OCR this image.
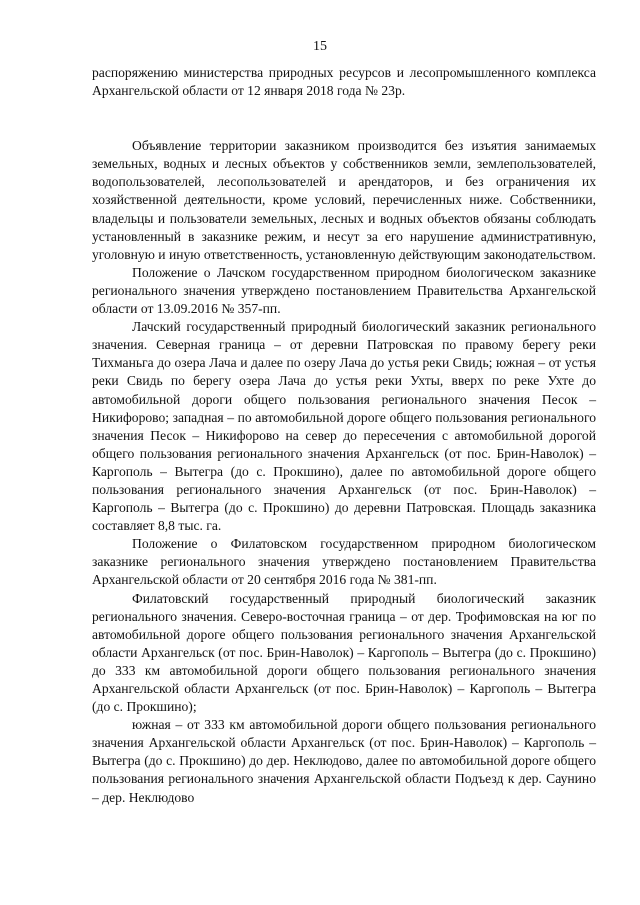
15

распоряжению министерства природных ресурсов и лесопромышленного комплекса Архангельской области от 12 января 2018 года № 23р.

Объявление территории заказником производится без изъятия занимаемых земельных, водных и лесных объектов у собственников земли, землепользователей, водопользователей, лесопользователей и арендаторов, и без ограничения их хозяйственной деятельности, кроме условий, перечисленных ниже. Собственники, владельцы и пользователи земельных, лесных и водных объектов обязаны соблюдать установленный в заказнике режим, и несут за его нарушение административную, уголовную и иную ответственность, установленную действующим законодательством.

Положение о Лачском государственном природном биологическом заказнике регионального значения утверждено постановлением Правительства Архангельской области от 13.09.2016 № 357-пп.

Лачский государственный природный биологический заказник регионального значения. Северная граница – от деревни Патровская по правому берегу реки Тихманьга до озера Лача и далее по озеру Лача до устья реки Свидь; южная – от устья реки Свидь по берегу озера Лача до устья реки Ухты, вверх по реке Ухте до автомобильной дороги общего пользования регионального значения Песок – Никифорово; западная – по автомобильной дороге общего пользования регионального значения Песок – Никифорово на север до пересечения с автомобильной дорогой общего пользования регионального значения Архангельск (от пос. Брин-Наволок) – Каргополь – Вытегра (до с. Прокшино), далее по автомобильной дороге общего пользования регионального значения Архангельск (от пос. Брин-Наволок) – Каргополь – Вытегра (до с. Прокшино) до деревни Патровская. Площадь заказника составляет 8,8 тыс. га.

Положение о Филатовском государственном природном биологическом заказнике регионального значения утверждено постановлением Правительства Архангельской области от 20 сентября 2016 года № 381-пп.

Филатовский государственный природный биологический заказник регионального значения. Северо-восточная граница – от дер. Трофимовская на юг по автомобильной дороге общего пользования регионального значения Архангельской области Архангельск (от пос. Брин-Наволок) – Каргополь – Вытегра (до с. Прокшино) до 333 км автомобильной дороги общего пользования регионального значения Архангельской области Архангельск (от пос. Брин-Наволок) – Каргополь – Вытегра (до с. Прокшино);

южная – от 333 км автомобильной дороги общего пользования регионального значения Архангельской области Архангельск (от пос. Брин-Наволок) – Каргополь – Вытегра (до с. Прокшино) до дер. Неклюдово, далее по автомобильной дороге общего пользования регионального значения Архангельской области Подъезд к дер. Саунино – дер. Неклюдово
